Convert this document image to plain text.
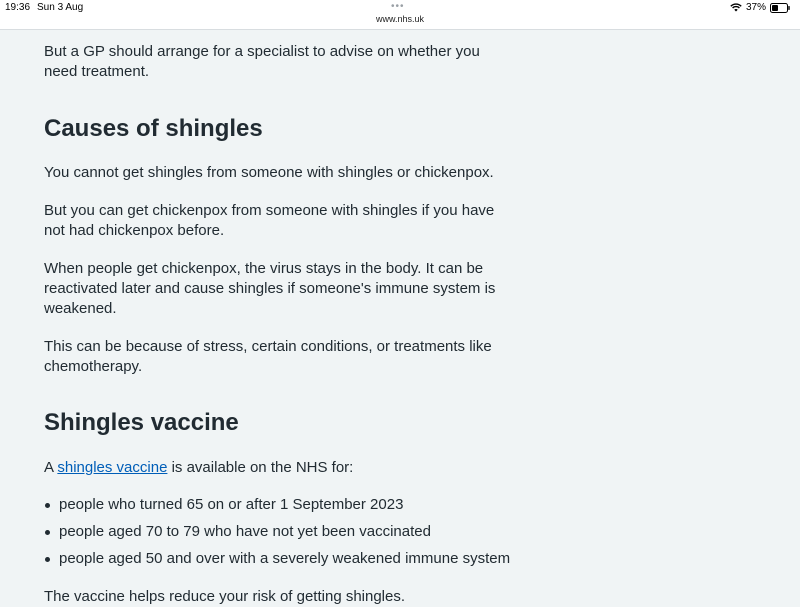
19:36 Sun 3 Aug	•••
www.nhs.uk
37%

But a GP should arrange for a specialist to advise on whether you need treatment.

Causes of shingles

You cannot get shingles from someone with shingles or chickenpox.

But you can get chickenpox from someone with shingles if you have not had chickenpox before.

When people get chickenpox, the virus stays in the body. It can be reactivated later and cause shingles if someone's immune system is weakened.

This can be because of stress, certain conditions, or treatments like chemotherapy.

Shingles vaccine

A shingles vaccine is available on the NHS for:

people who turned 65 on or after 1 September 2023
people aged 70 to 79 who have not yet been vaccinated
people aged 50 and over with a severely weakened immune system

The vaccine helps reduce your risk of getting shingles.
